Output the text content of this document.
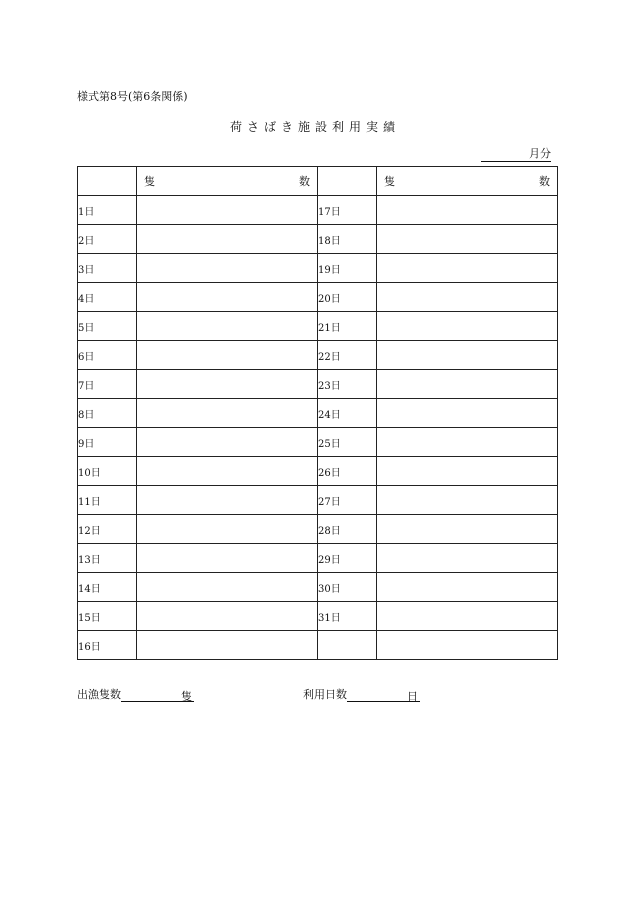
様式第8号(第6条関係)
荷さばき施設利用実績
月分

	隻 数		隻 数

1日		17日	
2日		18日	
3日		19日	
4日		20日	
5日		21日	
6日		22日	
7日		23日	
8日		24日	
9日		25日	
10日		26日	
11日		27日	
12日		28日	
13日		29日	
14日		30日	
15日		31日	
16日			
出漁隻数	隻	利用日数	日
